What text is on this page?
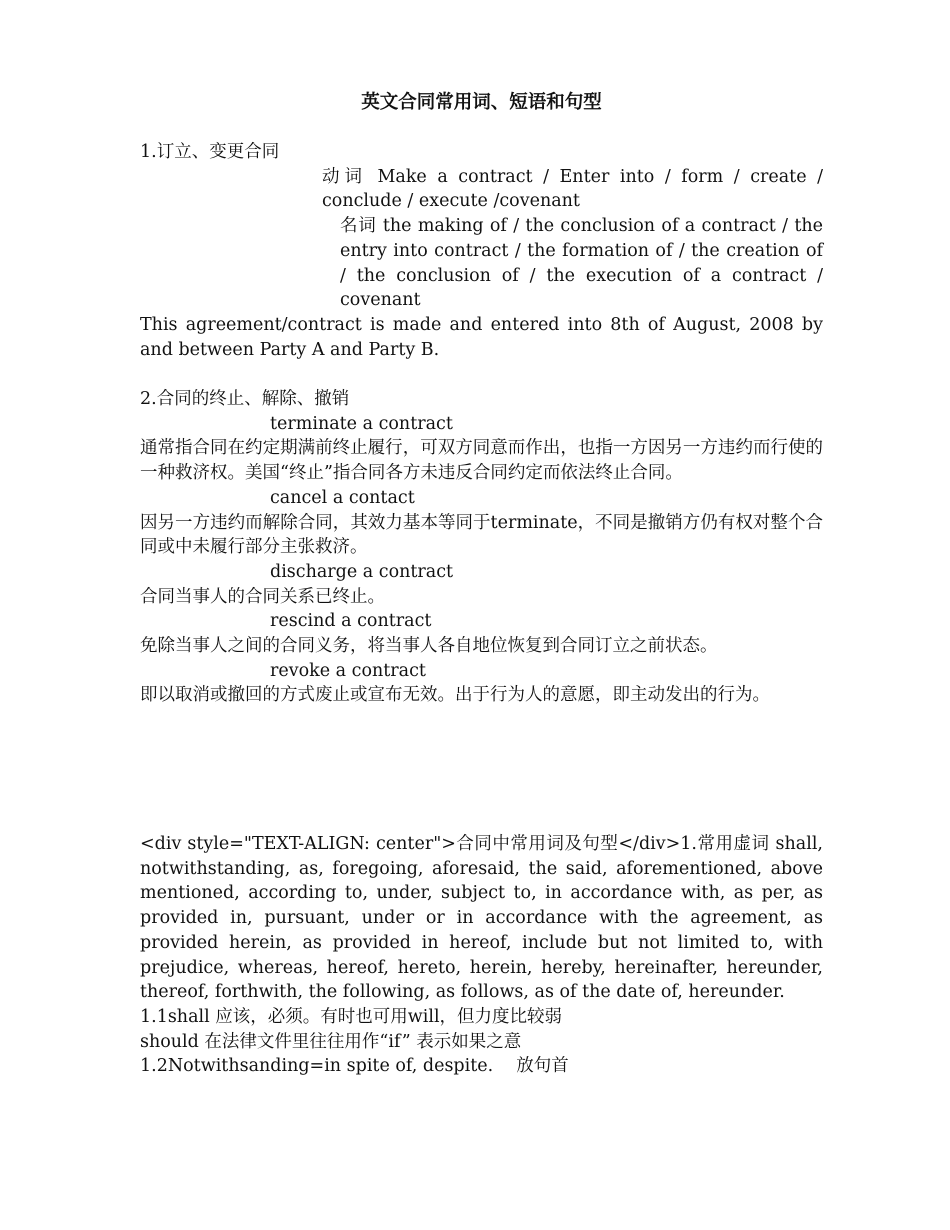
英文合同常用词、短语和句型

1.订立、变更合同

动词 Make a contract / Enter into / form / create / conclude / execute /covenant

名词 the making of / the conclusion of a contract / the entry into contract / the formation of / the creation of / the conclusion of / the execution of a contract / covenant

This agreement/contract is made and entered into 8th of August, 2008 by and between Party A and Party B.

2.合同的终止、解除、撤销

terminate a contract

通常指合同在约定期满前终止履行，可双方同意而作出，也指一方因另一方违约而行使的一种救济权。美国“终止”指合同各方未违反合同约定而依法终止合同。

cancel a contact

因另一方违约而解除合同，其效力基本等同于terminate，不同是撤销方仍有权对整个合同或中未履行部分主张救济。

discharge a contract

合同当事人的合同关系已终止。

rescind a contract

免除当事人之间的合同义务，将当事人各自地位恢复到合同订立之前状态。

revoke a contract

即以取消或撤回的方式废止或宣布无效。出于行为人的意愿，即主动发出的行为。

<div style="TEXT-ALIGN: center">合同中常用词及句型</div>1.常用虚词 shall, notwithstanding, as, foregoing, aforesaid, the said, aforementioned, above mentioned, according to, under, subject to, in accordance with, as per, as provided in, pursuant, under or in accordance with the agreement, as provided herein, as provided in hereof, include but not limited to, with prejudice, whereas, hereof, hereto, herein, hereby, hereinafter, hereunder, thereof, forthwith, the following, as follows, as of the date of, hereunder.

1.1shall 应该，必须。有时也可用will，但力度比较弱

should 在法律文件里往往用作“if” 表示如果之意

1.2Notwithsanding=in spite of, despite.　 放句首
